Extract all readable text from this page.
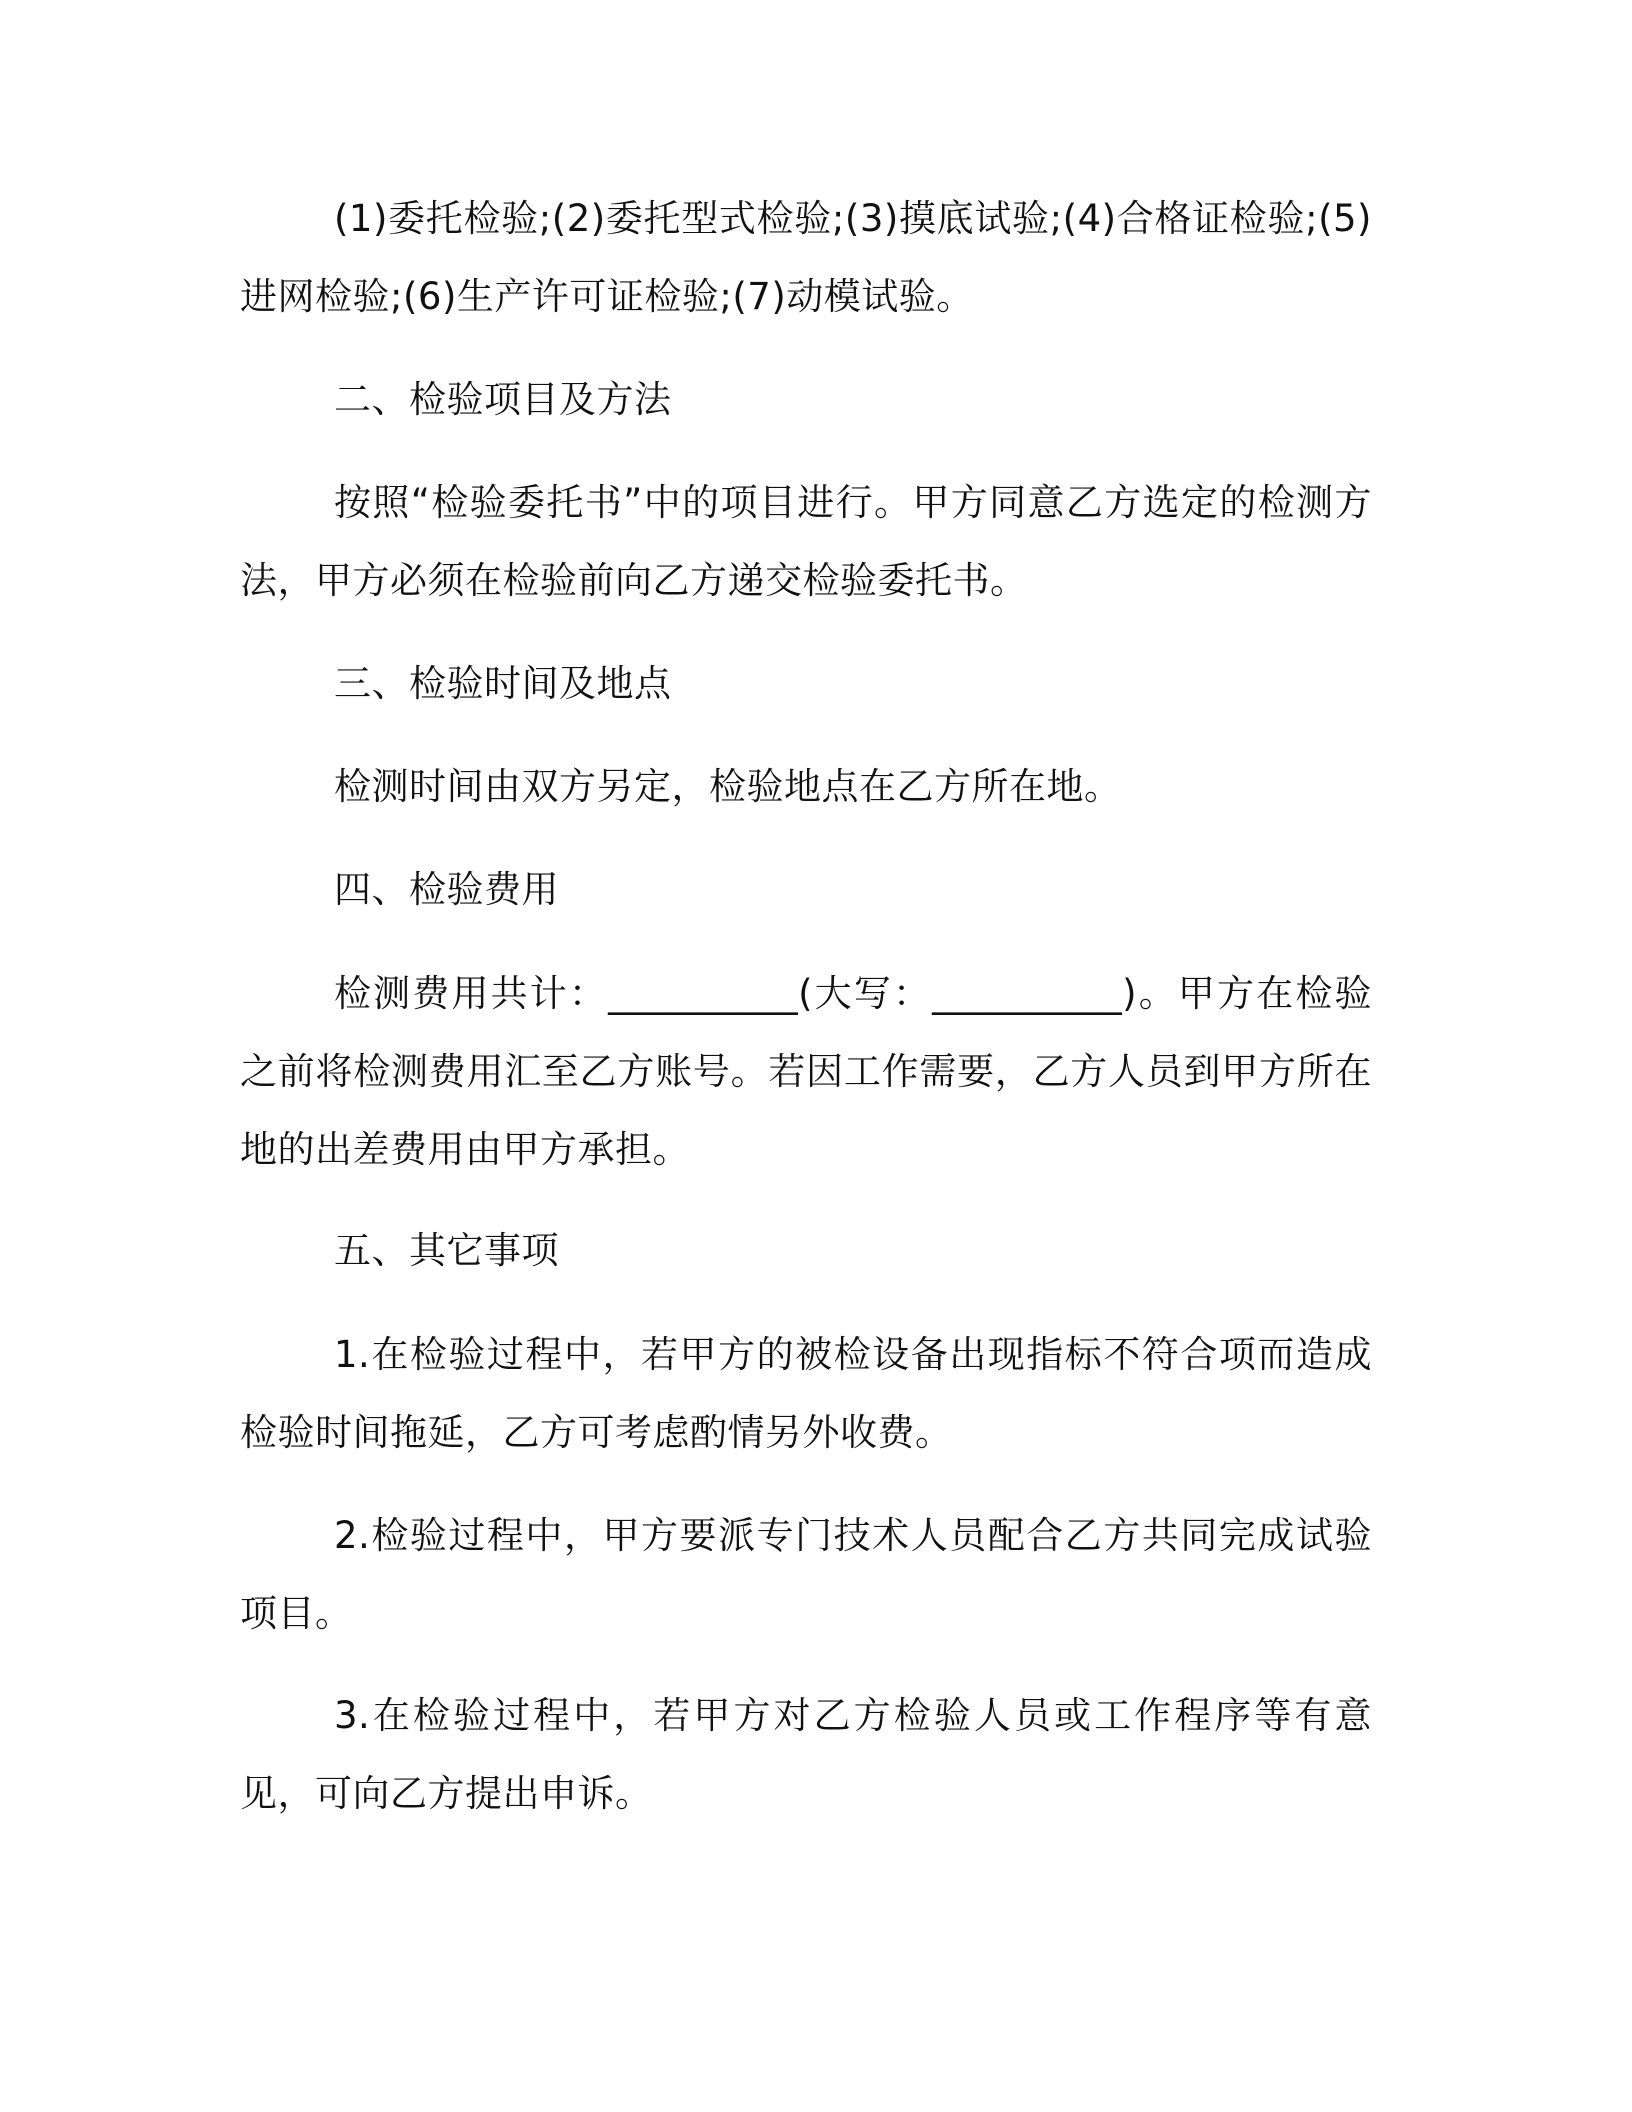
(1)委托检验;(2)委托型式检验;(3)摸底试验;(4)合格证检验;(5)进网检验;(6)生产许可证检验;(7)动模试验。

二、检验项目及方法

按照“检验委托书”中的项目进行。甲方同意乙方选定的检测方法，甲方必须在检验前向乙方递交检验委托书。

三、检验时间及地点

检测时间由双方另定，检验地点在乙方所在地。

四、检验费用

检测费用共计：__________(大写：__________)。甲方在检验之前将检测费用汇至乙方账号。若因工作需要，乙方人员到甲方所在地的出差费用由甲方承担。

五、其它事项

1.在检验过程中，若甲方的被检设备出现指标不符合项而造成检验时间拖延，乙方可考虑酌情另外收费。

2.检验过程中，甲方要派专门技术人员配合乙方共同完成试验项目。

3.在检验过程中，若甲方对乙方检验人员或工作程序等有意见，可向乙方提出申诉。
